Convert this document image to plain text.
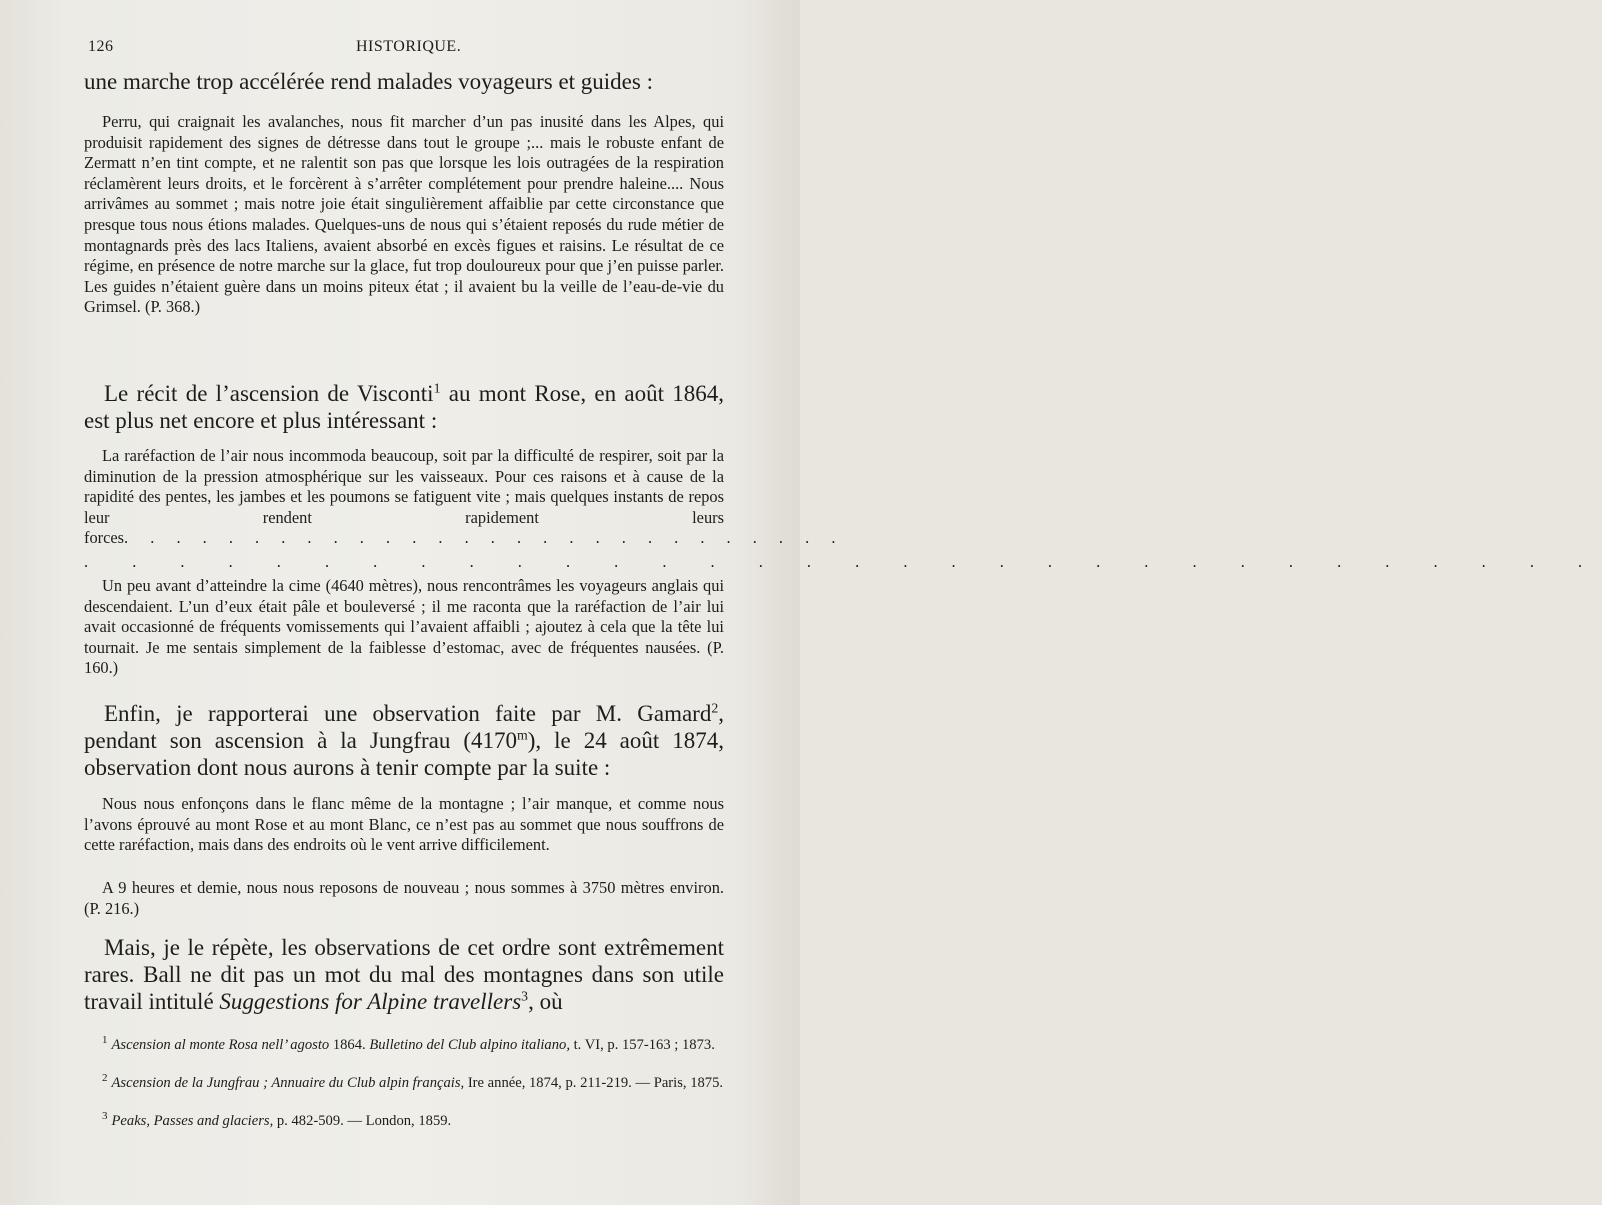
126	HISTORIQUE.
une marche trop accélérée rend malades voyageurs et guides :
Perru, qui craignait les avalanches, nous fit marcher d’un pas inusité dans les Alpes, qui produisit rapidement des signes de détresse dans tout le groupe ;... mais le robuste enfant de Zermatt n’en tint compte, et ne ralentit son pas que lorsque les lois outragées de la respiration réclamèrent leurs droits, et le forcèrent à s’arrêter complétement pour prendre haleine.... Nous arrivâmes au sommet ; mais notre joie était singulièrement affaiblie par cette circonstance que presque tous nous étions malades. Quelques-uns de nous qui s’étaient reposés du rude métier de montagnards près des lacs Italiens, avaient absorbé en excès figues et raisins. Le résultat de ce régime, en présence de notre marche sur la glace, fut trop douloureux pour que j’en puisse parler. Les guides n’étaient guère dans un moins piteux état ; il avaient bu la veille de l’eau-de-vie du Grimsel. (P. 368.)
Le récit de l’ascension de Visconti$^1$ au mont Rose, en août 1864, est plus net encore et plus intéressant :
La raréfaction de l’air nous incommoda beaucoup, soit par la difficulté de respirer, soit par la diminution de la pression atmosphérique sur les vaisseaux. Pour ces raisons et à cause de la rapidité des pentes, les jambes et les poumons se fatiguent vite ; mais quelques instants de repos leur rendent rapidement leurs forces. . . . . . . . . . . . . . . . . . . . . . . . . . . .
. . . . . . . . . . . . . . . . . . . . . . . . . . . . . . . .
Un peu avant d’atteindre la cime (4640 mètres), nous rencontrâmes les voyageurs anglais qui descendaient. L’un d’eux était pâle et bouleversé ; il me raconta que la raréfaction de l’air lui avait occasionné de fréquents vomissements qui l’avaient affaibli ; ajoutez à cela que la tête lui tournait. Je me sentais simplement de la faiblesse d’estomac, avec de fréquentes nausées. (P. 160.)
Enfin, je rapporterai une observation faite par M. Gamard$^2$, pendant son ascension à la Jungfrau (4170$^m$), le 24 août 1874, observation dont nous aurons à tenir compte par la suite :
Nous nous enfonçons dans le flanc même de la montagne ; l’air manque, et comme nous l’avons éprouvé au mont Rose et au mont Blanc, ce n’est pas au sommet que nous souffrons de cette raréfaction, mais dans des endroits où le vent arrive difficilement.
A 9 heures et demie, nous nous reposons de nouveau ; nous sommes à 3750 mètres environ. (P. 216.)
Mais, je le répète, les observations de cet ordre sont extrêmement rares. Ball ne dit pas un mot du mal des montagnes dans son utile travail intitulé Suggestions for Alpine travellers$^3$, où
$^1$ Ascension al monte Rosa nell’ agosto 1864. Bulletino del Club alpino italiano, t. VI, p. 157-163 ; 1873.
$^2$ Ascension de la Jungfrau ; Annuaire du Club alpin français, Ire année, 1874, p. 211-219. — Paris, 1875.
$^3$ Peaks, Passes and glaciers, p. 482-509. — London, 1859.
